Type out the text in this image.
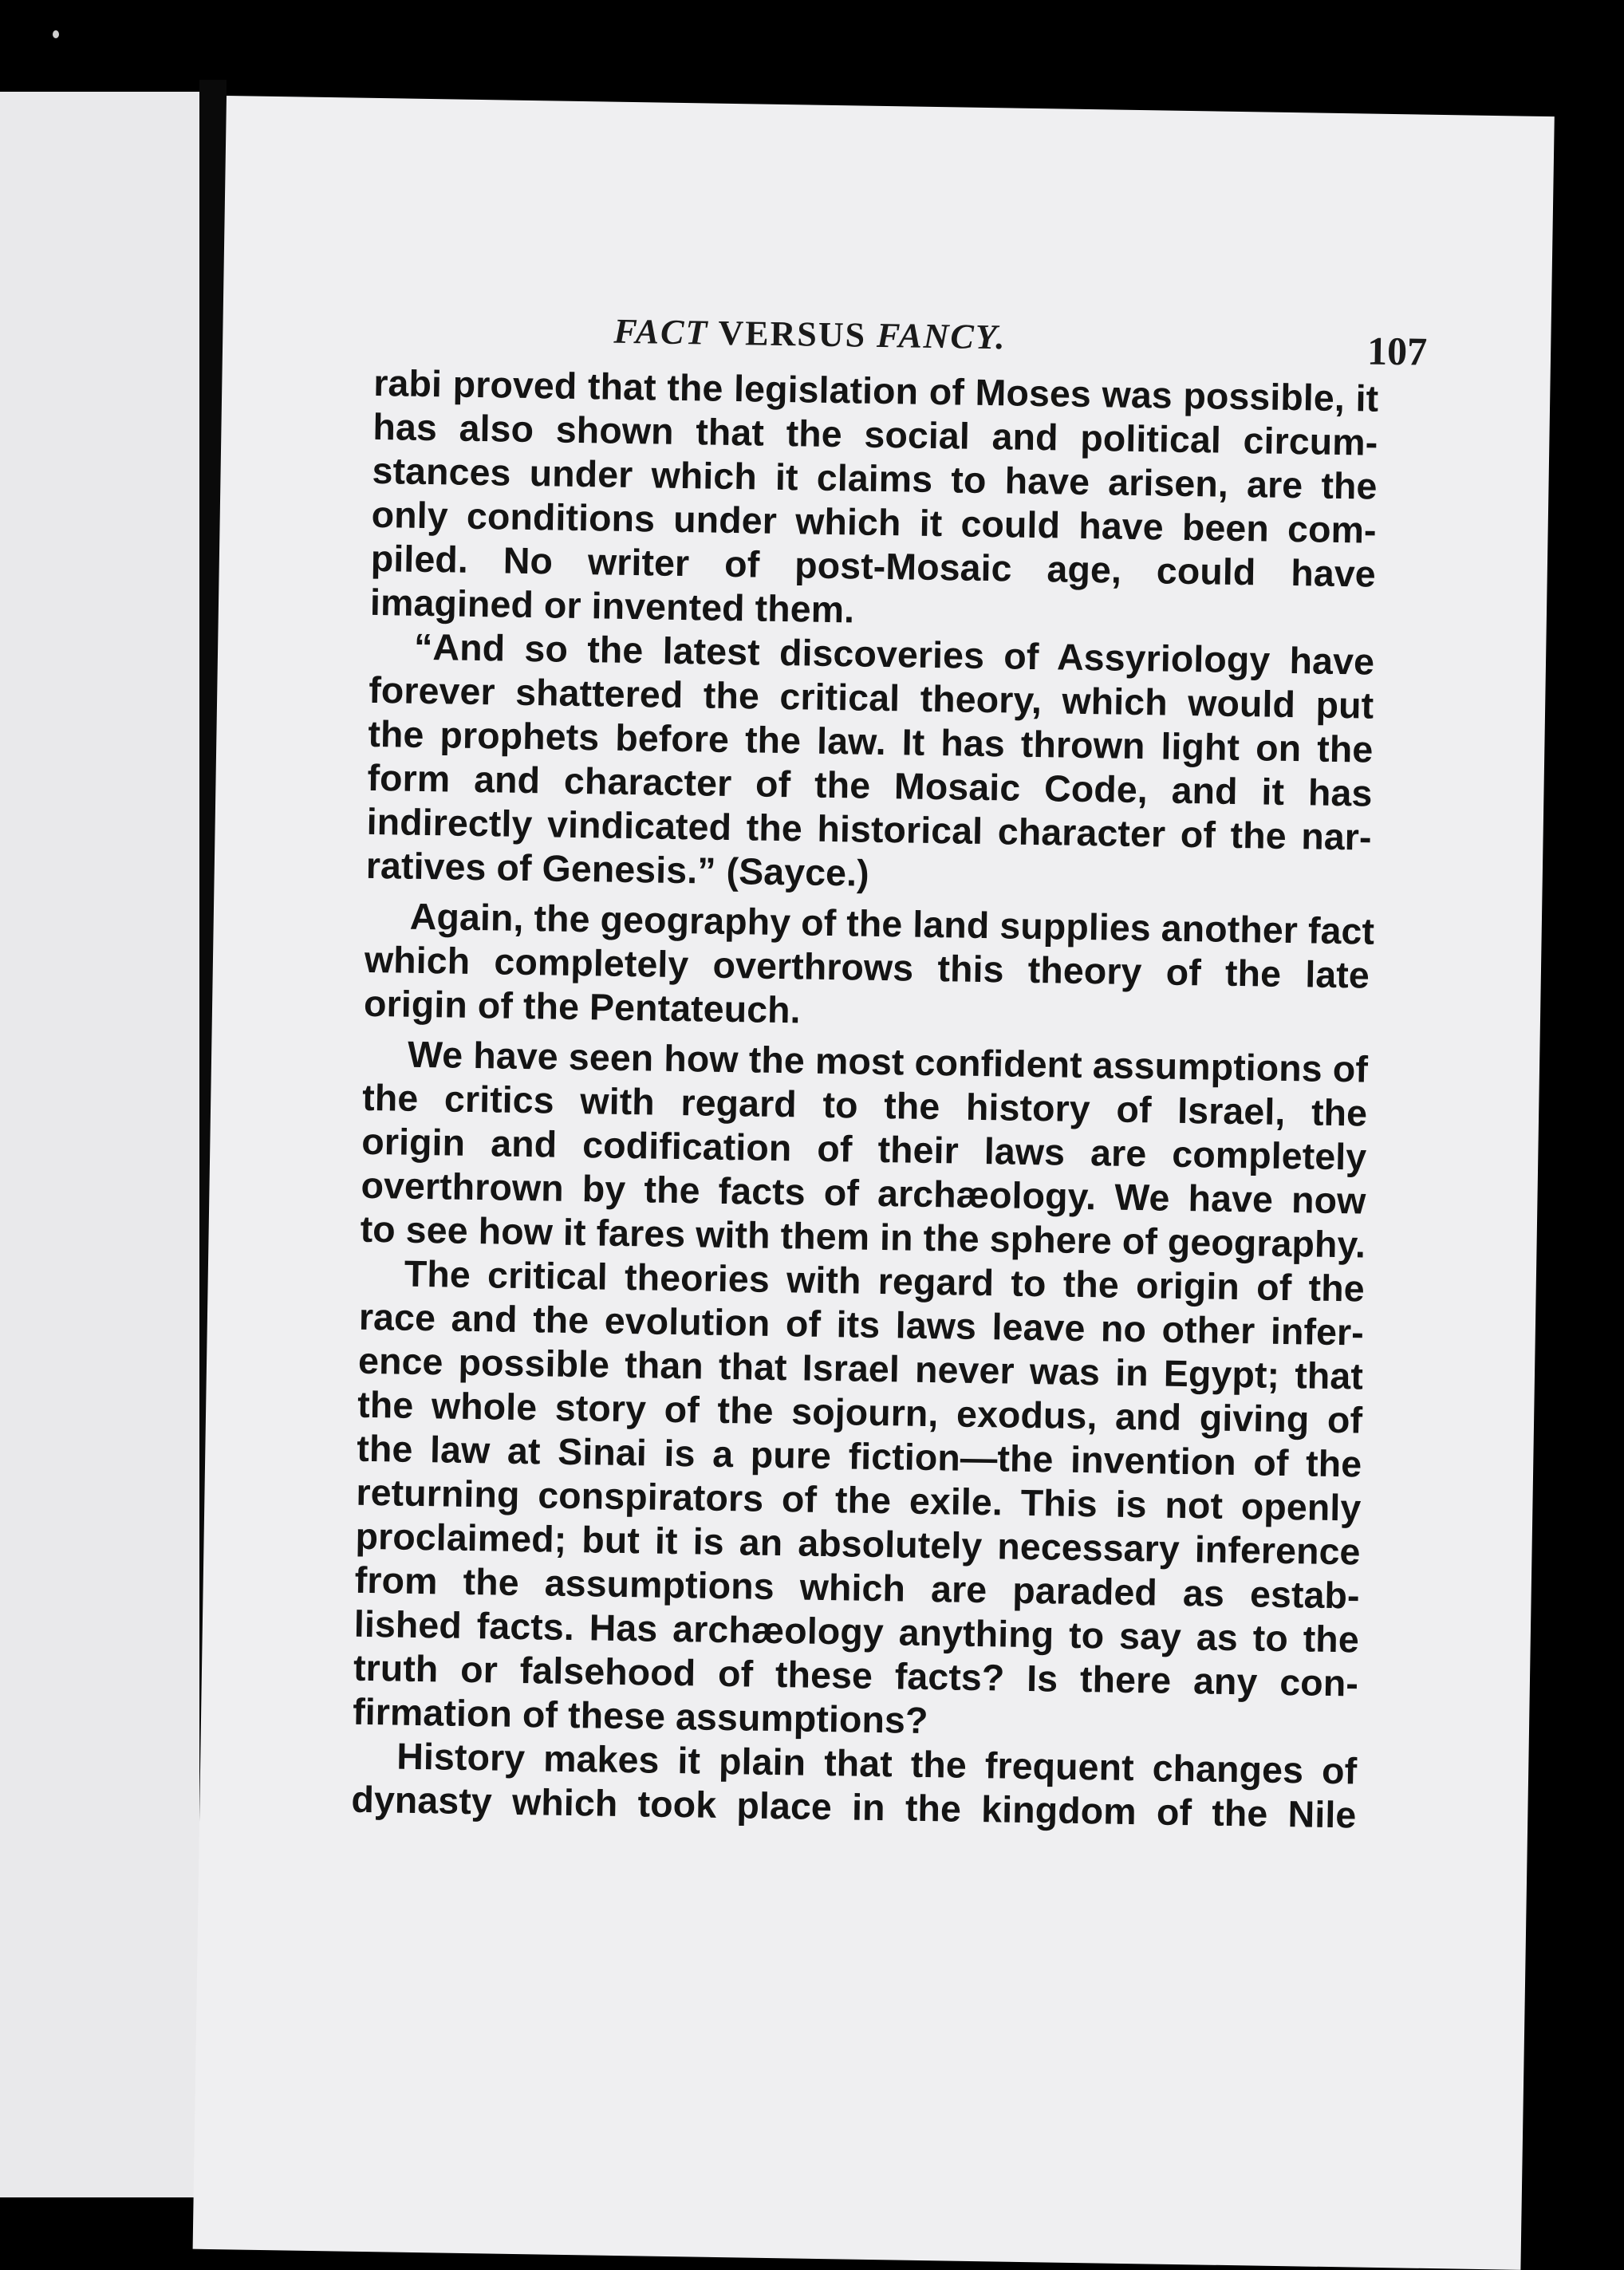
FACT VERSUS FANCY.	107
rabi proved that the legislation of Moses was possible, it
has also shown that the social and political circum-
stances under which it claims to have arisen, are the
only conditions under which it could have been com-
piled. No writer of post-Mosaic age, could have
imagined or invented them.
“And so the latest discoveries of Assyriology have
forever shattered the critical theory, which would put
the prophets before the law. It has thrown light on the
form and character of the Mosaic Code, and it has
indirectly vindicated the historical character of the nar-
ratives of Genesis.” (Sayce.)
Again, the geography of the land supplies another fact
which completely overthrows this theory of the late
origin of the Pentateuch.
We have seen how the most confident assumptions of
the critics with regard to the history of Israel, the
origin and codification of their laws are completely
overthrown by the facts of archæology. We have now
to see how it fares with them in the sphere of geography.
The critical theories with regard to the origin of the
race and the evolution of its laws leave no other infer-
ence possible than that Israel never was in Egypt; that
the whole story of the sojourn, exodus, and giving of
the law at Sinai is a pure fiction—the invention of the
returning conspirators of the exile. This is not openly
proclaimed; but it is an absolutely necessary inference
from the assumptions which are paraded as estab-
lished facts. Has archæology anything to say as to the
truth or falsehood of these facts? Is there any con-
firmation of these assumptions?
History makes it plain that the frequent changes of
dynasty which took place in the kingdom of the Nile
